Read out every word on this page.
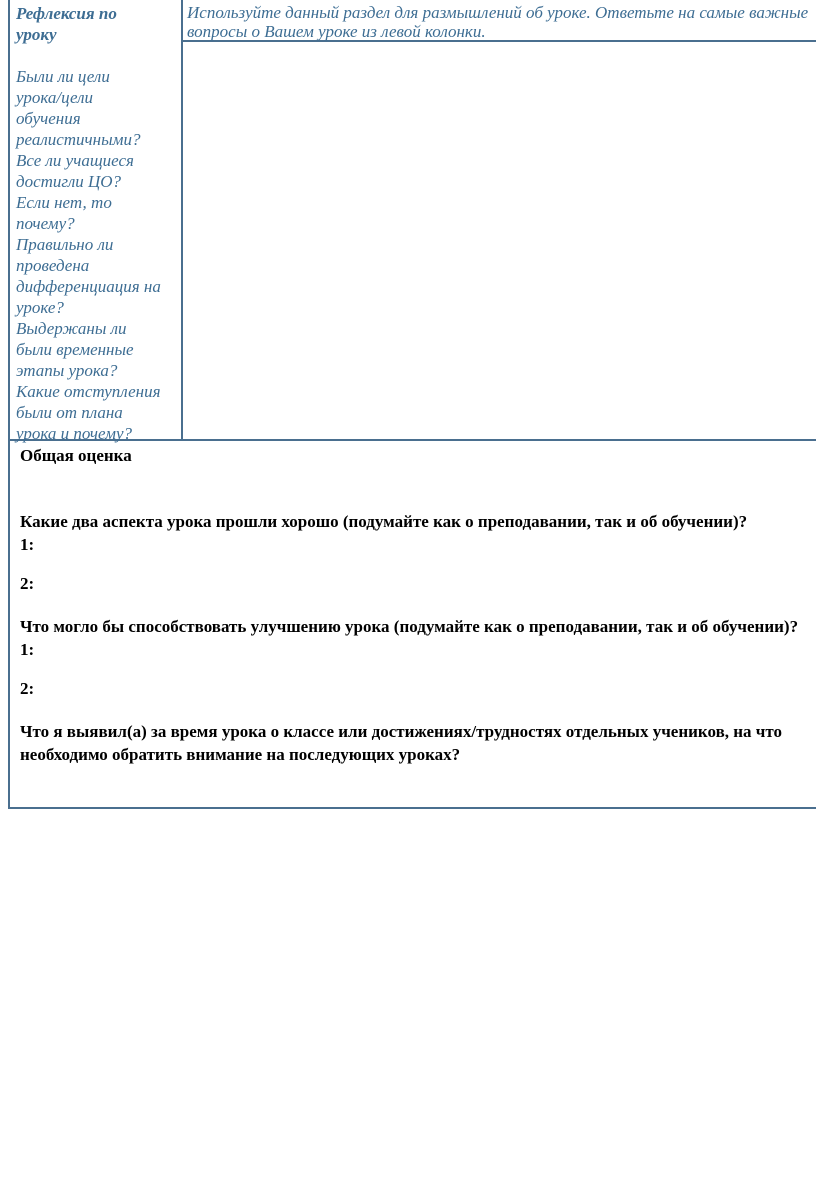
Рефлексия по
уроку
Были ли цели
урока/цели
обучения
реалистичными?
Все ли учащиеся
достигли ЦО?
Если нет, то
почему?
Правильно ли
проведена
дифференциация на
уроке?
Выдержаны ли
были временные
этапы урока?
Какие отступления
были от плана
урока и почему?
Используйте данный раздел для размышлений об уроке. Ответьте на самые важные вопросы о Вашем уроке из левой колонки.
Общая оценка
Какие два аспекта урока прошли хорошо (подумайте как о преподавании, так и об обучении)?
1:
2:
Что могло бы способствовать улучшению урока (подумайте как о преподавании, так и об обучении)?
1:
2:
Что я выявил(а) за время урока о классе или достижениях/трудностях отдельных учеников, на что необходимо обратить внимание на последующих уроках?
